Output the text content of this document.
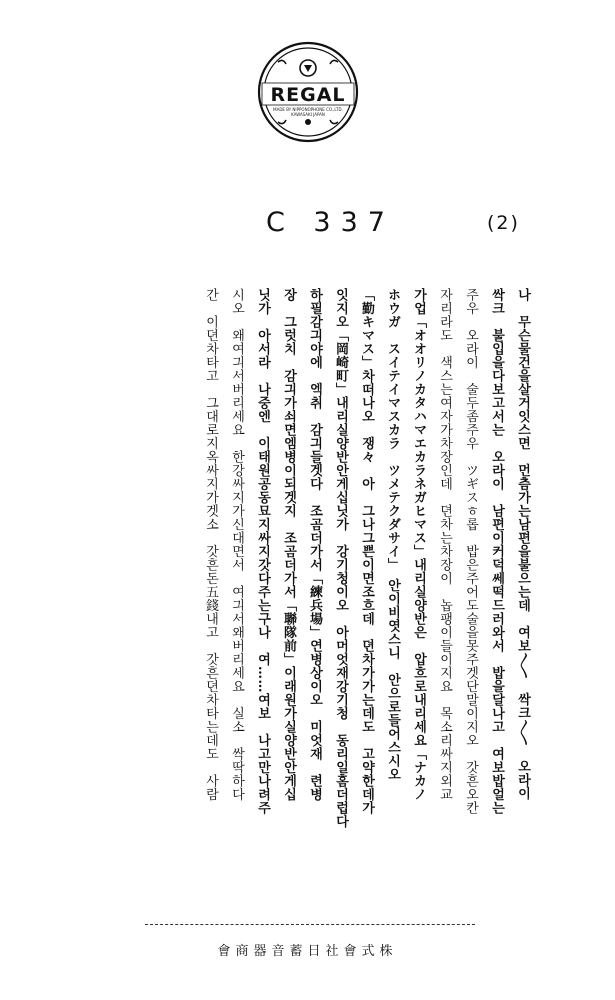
REGAL
MADE BY NIPPONOPHONE CO.,LTD.
KAWASAKI JAPAN
C 337	(2)

나　무슨물건을살거잇스면　먼츰가는남편을불으는데　여보〳〵　싹크〳〵　오라이

싹크　불입을다보고서는　오라이　남편이커덕쎄떡드러와서　밥을달나고　여보밥얼는

주우　오라이　술두좀주우　ツギスㅎ롭　밥은주어도술을못주겟단말이지오　갓흔오칸

자리라도　색스는여자가차장인데　뎐차는차장이　놉팽이들이지요　목소리싸지외교

가업「オオリノカタハマエカラネガヒマス」내리실양반은　압흐로내리세요「ナカノ

ホウガ　スイテイマスカラ　ツメテクダサイ」　안이비엿스니　안으로들어스시오

「勤キマス」차떠나오　쟁々　아　그나그쁜이면조흐데　뎐차가가는데도　고약한데가

잇지오「岡崎町」내리실양반안게십닛가　강기청이오　아머엇재강기청　동리일홈더럽다

하필감긔야에　엑취　감긔들겟다　조곰더가서「練兵場」연병상이오　미엇재　련병

장　그럿치　감긔가쇠면엠병이되겟지　조곰더가서「聯隊前」이래원가실양반안게십

닛가　아서라　나중엔　이태원공동묘지싸지갓다주는구나　여……여보　나고만나려주

시오　왜여긔서버리세요　한강싸지가신대면서　여긔서왜버리세요　실소　싹딱하다

간　이뎐차타고　그대로지옥싸지가겟소　갓흔돈五錢내고　갓흔뎐차타는데도　사람

會商器音蓄日社會式株
